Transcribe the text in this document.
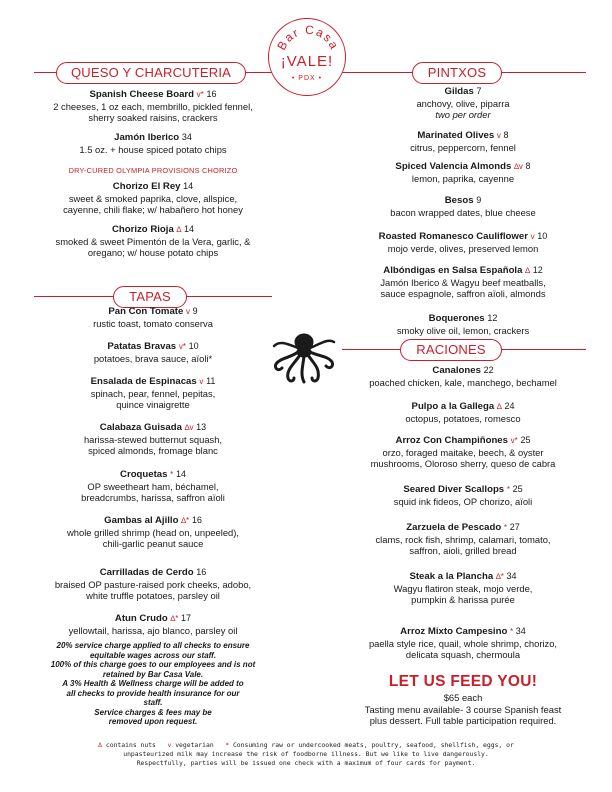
Bar Casa
¡VALE!
• PDX •
QUESO Y CHARCUTERIA	PINTXOS
TAPAS
RACIONES
Spanish Cheese Board v* 16
2 cheeses, 1 oz each, membrillo, pickled fennel,
sherry soaked raisins, crackers
Jamón Iberico 34
1.5 oz. + house spiced potato chips
DRY-CURED OLYMPIA PROVISIONS CHORIZO
Chorizo El Rey 14
sweet & smoked paprika, clove, allspice,
cayenne, chili flake; w/ habañero hot honey
Chorizo Rioja ∆ 14
smoked & sweet Pimentón de la Vera, garlic, &
oregano; w/ house potato chips
Pan Con Tomate v 9
rustic toast, tomato conserva
Patatas Bravas v* 10
potatoes, brava sauce, aïoli*
Ensalada de Espinacas v 11
spinach, pear, fennel, pepitas,
quince vinaigrette
Calabaza Guisada ∆v 13
harissa-stewed butternut squash,
spiced almonds, fromage blanc
Croquetas * 14
OP sweetheart ham, béchamel,
breadcrumbs, harissa, saffron aïoli
Gambas al Ajillo ∆* 16
whole grilled shrimp (head on, unpeeled),
chili-garlic peanut sauce
Carrilladas de Cerdo 16
braised OP pasture-raised pork cheeks, adobo,
white truffle potatoes, parsley oil
Atun Crudo ∆* 17
yellowtail, harissa, ajo blanco, parsley oil
20% service charge applied to all checks to ensure
equitable wages across our staff.
100% of this charge goes to our employees and is not
retained by Bar Casa Vale.
A 3% Health & Wellness charge will be added to
all checks to provide health insurance for our
staff.
Service charges & fees may be
removed upon request.
Gildas 7
anchovy, olive, piparra
two per order
Marinated Olives v 8
citrus, peppercorn, fennel
Spiced Valencia Almonds ∆v 8
lemon, paprika, cayenne
Besos 9
bacon wrapped dates, blue cheese
Roasted Romanesco Cauliflower v 10
mojo verde, olives, preserved lemon
Albóndigas en Salsa Española ∆ 12
Jamón Iberico & Wagyu beef meatballs,
sauce espagnole, saffron aïoli, almonds
Boquerones 12
smoky olive oil, lemon, crackers
Canalones 22
poached chicken, kale, manchego, bechamel
Pulpo a la Gallega ∆ 24
octopus, potatoes, romesco
Arroz Con Champiñones v* 25
orzo, foraged maitake, beech, & oyster
mushrooms, Oloroso sherry, queso de cabra
Seared Diver Scallops * 25
squid ink fideos, OP chorizo, aïoli
Zarzuela de Pescado * 27
clams, rock fish, shrimp, calamari, tomato,
saffron, aioli, grilled bread
Steak a la Plancha ∆* 34
Wagyu flatiron steak, mojo verde,
pumpkin & harissa purée
Arroz Mixto Campesino * 34
paella style rice, quail, whole shrimp, chorizo,
delicata squash, chermoula
LET US FEED YOU!
$65 each
Tasting menu available- 3 course Spanish feast
plus dessert. Full table participation required.
∆ contains nuts v vegetarian * Consuming raw or undercooked meats, poultry, seafood, shellfish, eggs, or
unpasteurized milk may increase the risk of foodborne illness. But we like to live dangerously.
Respectfully, parties will be issued one check with a maximum of four cards for payment.
